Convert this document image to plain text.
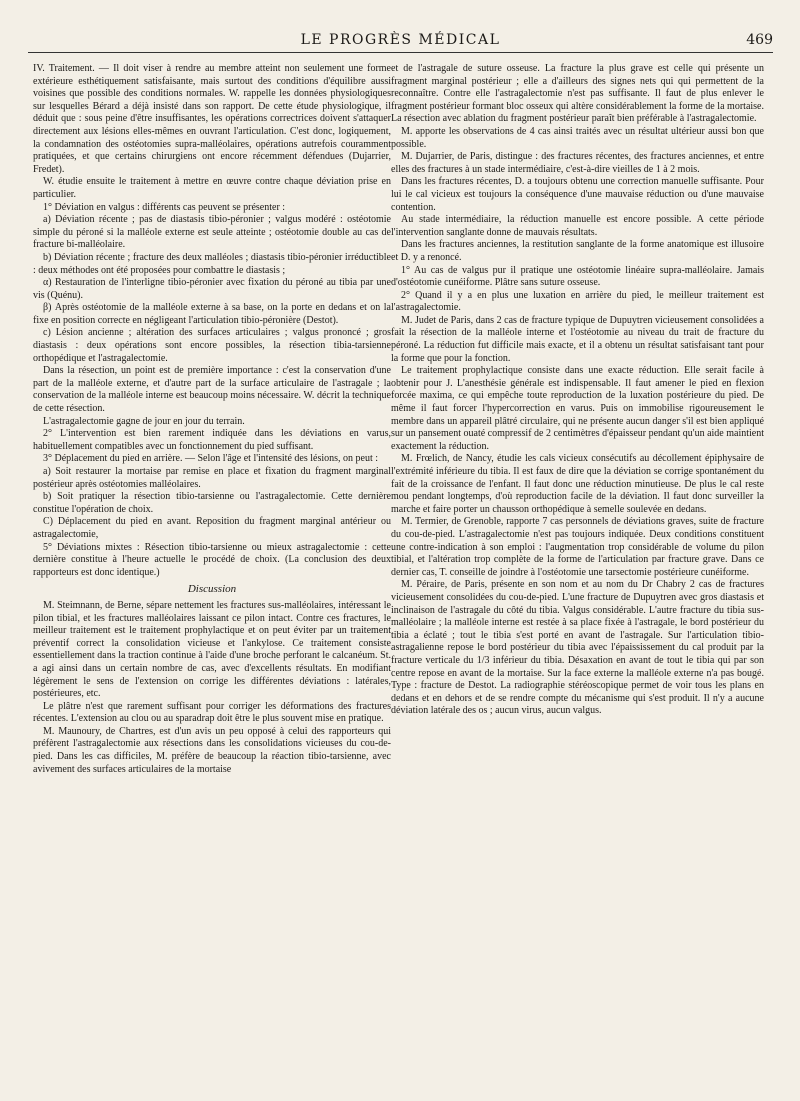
LE PROGRÈS MÉDICAL	469

IV. Traitement. — Il doit viser à rendre au membre atteint non seulement une forme extérieure esthétiquement satisfaisante, mais surtout des conditions d'équilibre aussi voisines que possible des conditions normales. W. rappelle les données physiologiques sur lesquelles Bérard a déjà insisté dans son rapport. De cette étude physiologique, il déduit que : sous peine d'être insuffisantes, les opérations correctrices doivent s'attaquer directement aux lésions elles-mêmes en ouvrant l'articulation. C'est donc, logiquement, la condamnation des ostéotomies supra-malléolaires, opérations autrefois couramment pratiquées, et que certains chirurgiens ont encore récemment défendues (Dujarrier, Fredet).

W. étudie ensuite le traitement à mettre en œuvre contre chaque déviation prise en particulier.

1° Déviation en valgus : différents cas peuvent se présenter :

a) Déviation récente ; pas de diastasis tibio-péronier ; valgus modéré : ostéotomie simple du péroné si la malléole externe est seule atteinte ; ostéotomie double au cas de fracture bi-malléolaire.

b) Déviation récente ; fracture des deux malléoles ; diastasis tibio-péronier irréductible : deux méthodes ont été proposées pour combattre le diastasis ;

α) Restauration de l'interligne tibio-péronier avec fixation du péroné au tibia par une vis (Quénu).

β) Après ostéotomie de la malléole externe à sa base, on la porte en dedans et on la fixe en position correcte en négligeant l'articulation tibio-péronière (Destot).

c) Lésion ancienne ; altération des surfaces articulaires ; valgus prononcé ; gros diastasis : deux opérations sont encore possibles, la résection tibia-tarsienne orthopédique et l'astragalectomie.

Dans la résection, un point est de première importance : c'est la conservation d'une part de la malléole externe, et d'autre part de la surface articulaire de l'astragale ; la conservation de la malléole interne est beaucoup moins nécessaire. W. décrit la technique de cette résection.

L'astragalectomie gagne de jour en jour du terrain.

2° L'intervention est bien rarement indiquée dans les déviations en varus, habituellement compatibles avec un fonctionnement du pied suffisant.

3° Déplacement du pied en arrière. — Selon l'âge et l'intensité des lésions, on peut :

a) Soit restaurer la mortaise par remise en place et fixation du fragment marginal postérieur après ostéotomies malléolaires.

b) Soit pratiquer la résection tibio-tarsienne ou l'astragalectomie. Cette dernière constitue l'opération de choix.

C) Déplacement du pied en avant. Reposition du fragment marginal antérieur ou astragalectomie,

5° Déviations mixtes : Résection tibio-tarsienne ou mieux astragalectomie : cette dernière constitue à l'heure actuelle le procédé de choix. (La conclusion des deux rapporteurs est donc identique.)

Discussion

M. Steimnann, de Berne, sépare nettement les fractures sus-malléolaires, intéressant le pilon tibial, et les fractures malléolaires laissant ce pilon intact. Contre ces fractures, le meilleur traitement est le traitement prophylactique et on peut éviter par un traitement préventif correct la consolidation vicieuse et l'ankylose. Ce traitement consiste essentiellement dans la traction continue à l'aide d'une broche perforant le calcanéum. St. a agi ainsi dans un certain nombre de cas, avec d'excellents résultats. En modifiant légèrement le sens de l'extension on corrige les différentes déviations : latérales, postérieures, etc.

Le plâtre n'est que rarement suffisant pour corriger les déformations des fractures récentes. L'extension au clou ou au sparadrap doit être le plus souvent mise en pratique.

M. Maunoury, de Chartres, est d'un avis un peu opposé à celui des rapporteurs qui préfèrent l'astragalectomie aux résections dans les consolidations vicieuses du cou-de-pied. Dans les cas difficiles, M. préfère de beaucoup la réaction tibio-tarsienne, avec avivement des surfaces articulaires de la mortaise

et de l'astragale de suture osseuse. La fracture la plus grave est celle qui présente un fragment marginal postérieur ; elle a d'ailleurs des signes nets qui qui permettent de la reconnaître. Contre elle l'astragalectomie n'est pas suffisante. Il faut de plus enlever le fragment postérieur formant bloc osseux qui altère considérablement la forme de la mortaise. La résection avec ablation du fragment postérieur paraît bien préférable à l'astragalectomie.

M. apporte les observations de 4 cas ainsi traités avec un résultat ultérieur aussi bon que possible.

M. Dujarrier, de Paris, distingue : des fractures récentes, des fractures anciennes, et entre elles des fractures à un stade intermédiaire, c'est-à-dire vieilles de 1 à 2 mois.

Dans les fractures récentes, D. a toujours obtenu une correction manuelle suffisante. Pour lui le cal vicieux est toujours la conséquence d'une mauvaise réduction ou d'une mauvaise contention.

Au stade intermédiaire, la réduction manuelle est encore possible. A cette période l'intervention sanglante donne de mauvais résultats.

Dans les fractures anciennes, la restitution sanglante de la forme anatomique est illusoire et D. y a renoncé.

1° Au cas de valgus pur il pratique une ostéotomie linéaire supra-malléolaire. Jamais d'ostéotomie cunéiforme. Plâtre sans suture osseuse.

2° Quand il y a en plus une luxation en arrière du pied, le meilleur traitement est l'astragalectomie.

M. Judet de Paris, dans 2 cas de fracture typique de Dupuytren vicieusement consolidées a fait la résection de la malléole interne et l'ostéotomie au niveau du trait de fracture du péroné. La réduction fut difficile mais exacte, et il a obtenu un résultat satisfaisant tant pour la forme que pour la fonction.

Le traitement prophylactique consiste dans une exacte réduction. Elle serait facile à obtenir pour J. L'anesthésie générale est indispensable. Il faut amener le pied en flexion forcée maxima, ce qui empêche toute reproduction de la luxation postérieure du pied. De même il faut forcer l'hypercorrection en varus. Puis on immobilise rigoureusement le membre dans un appareil plâtré circulaire, qui ne présente aucun danger s'il est bien appliqué sur un pansement ouaté compressif de 2 centimètres d'épaisseur pendant qu'un aide maintient exactement la réduction.

M. Frœlich, de Nancy, étudie les cals vicieux consécutifs au décollement épiphysaire de l'extrémité inférieure du tibia. Il est faux de dire que la déviation se corrige spontanément du fait de la croissance de l'enfant. Il faut donc une réduction minutieuse. De plus le cal reste mou pendant longtemps, d'où reproduction facile de la déviation. Il faut donc surveiller la marche et faire porter un chausson orthopédique à semelle soulevée en dedans.

M. Termier, de Grenoble, rapporte 7 cas personnels de déviations graves, suite de fracture du cou-de-pied. L'astragalectomie n'est pas toujours indiquée. Deux conditions constituent une contre-indication à son emploi : l'augmentation trop considérable de volume du pilon tibial, et l'altération trop complète de la forme de l'articulation par fracture grave. Dans ce dernier cas, T. conseille de joindre à l'ostéotomie une tarsectomie postérieure cunéiforme.

M. Péraire, de Paris, présente en son nom et au nom du Dr Chabry 2 cas de fractures vicieusement consolidées du cou-de-pied. L'une fracture de Dupuytren avec gros diastasis et inclinaison de l'astragale du côté du tibia. Valgus considérable. L'autre fracture du tibia sus-malléolaire ; la malléole interne est restée à sa place fixée à l'astragale, le bord postérieur du tibia a éclaté ; tout le tibia s'est porté en avant de l'astragale. Sur l'articulation tibio-astragalienne repose le bord postérieur du tibia avec l'épaississement du cal produit par la fracture verticale du 1/3 inférieur du tibia. Désaxation en avant de tout le tibia qui par son centre repose en avant de la mortaise. Sur la face externe la malléole externe n'a pas bougé. Type : fracture de Destot. La radiographie stéréoscopique permet de voir tous les plans en dedans et en dehors et de se rendre compte du mécanisme qui s'est produit. Il n'y a aucune déviation latérale des os ; aucun virus, aucun valgus.
